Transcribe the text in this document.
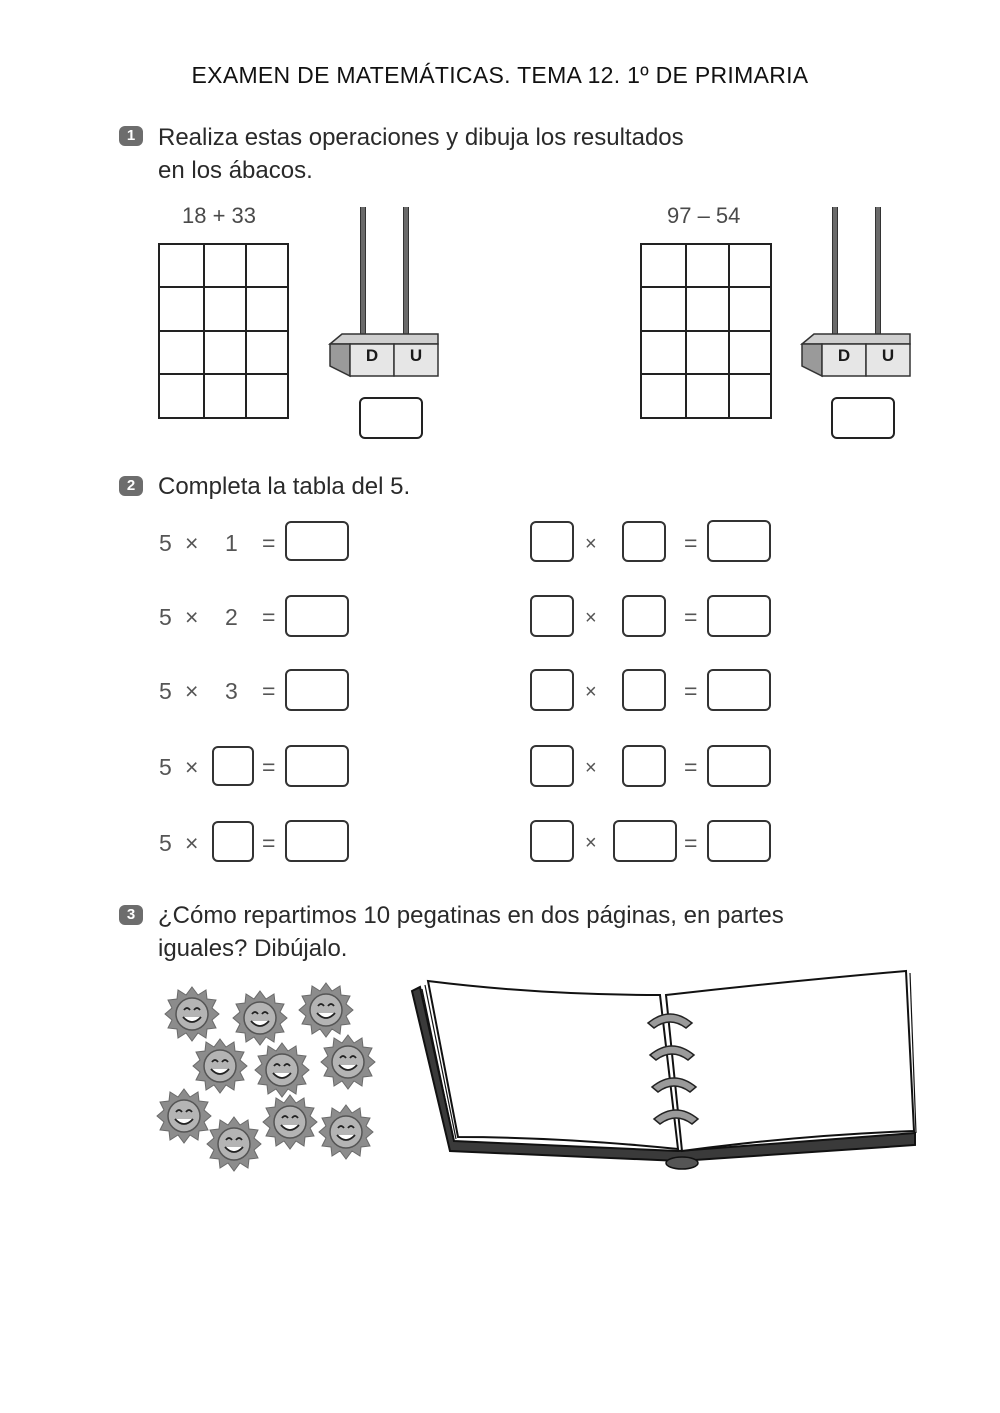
EXAMEN DE MATEMÁTICAS. TEMA 12. 1º DE PRIMARIA
1 Realiza estas operaciones y dibuja los resultados
en los ábacos.
18 + 33	97 – 54
D	U	D	U
2 Completa la tabla del 5.
5 × 1 =
5 × 2 =
5 × 3 =
5 ×	=
5 ×	=
×	=
×	=
×	=
×	=
×	=
3 ¿Cómo repartimos 10 pegatinas en dos páginas, en partes
iguales? Dibújalo.
